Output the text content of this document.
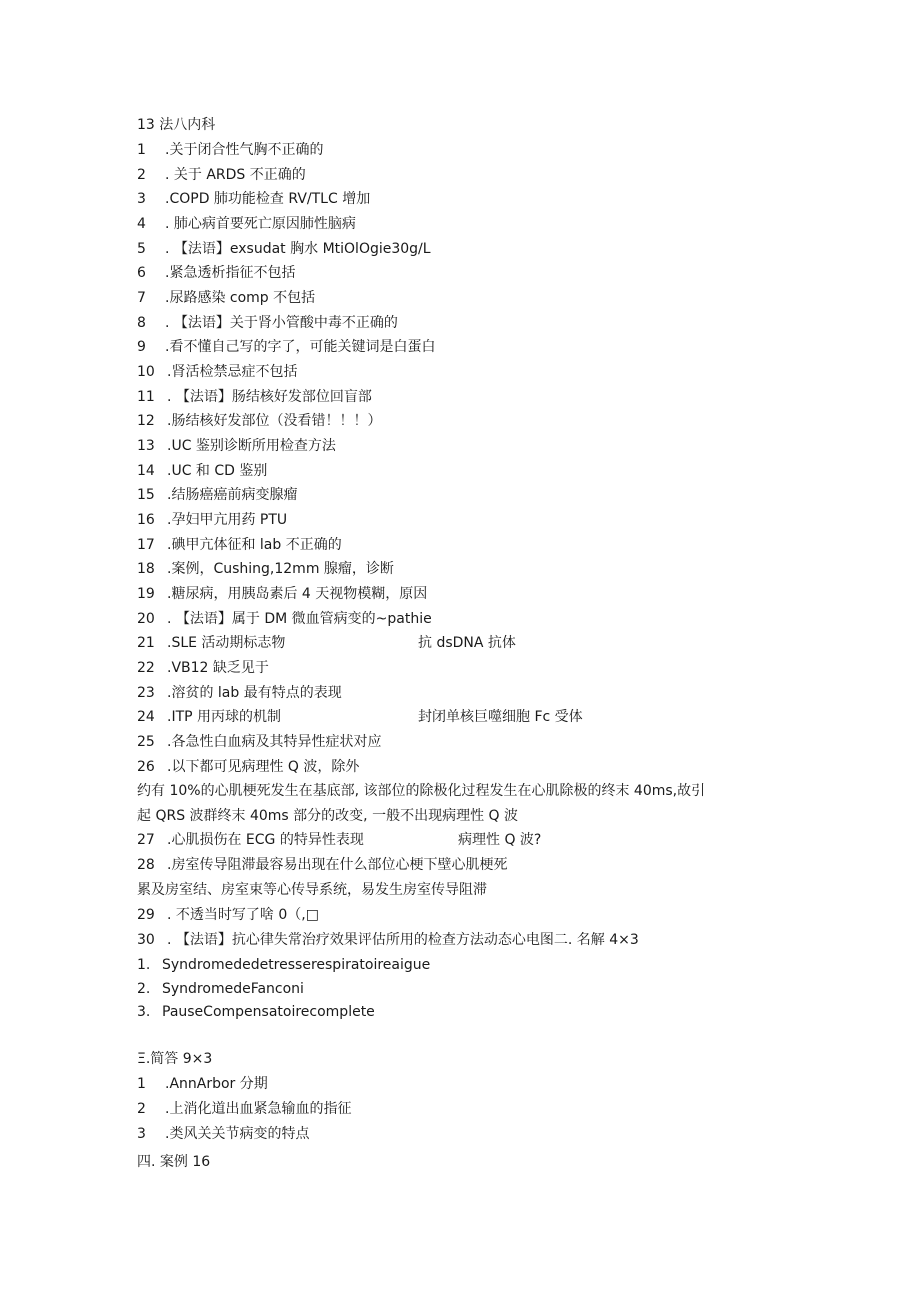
13 法八内科
1 .关于闭合性气胸不正确的
2 . 关于 ARDS 不正确的
3 .COPD 肺功能检查 RV/TLC 增加
4 . 肺心病首要死亡原因肺性脑病
5 . 【法语】exsudat 胸水 MtiOlOgie30g∕L
6 .紧急透析指征不包括
7 .尿路感染 comp 不包括
8 . 【法语】关于肾小管酸中毒不正确的
9 .看不懂自己写的字了，可能关键词是白蛋白
10 .肾活检禁忌症不包括
11 . 【法语】肠结核好发部位回盲部
12 .肠结核好发部位（没看错！！！）
13 .UC 鉴别诊断所用检查方法
14 .UC 和 CD 鉴别
15 .结肠癌癌前病变腺瘤
16 .孕妇甲亢用药 PTU
17 .碘甲亢体征和 lab 不正确的
18 .案例，Cushing,12mm 腺瘤，诊断
19 .糖尿病，用胰岛素后 4 天视物模糊，原因
20 . 【法语】属于 DM 微血管病变的~pathie
21 .SLE 活动期标志物	抗 dsDNA 抗体
22 .VB12 缺乏见于
23 .溶贫的 lab 最有特点的表现
24 .ITP 用丙球的机制	封闭单核巨噬细胞 Fc 受体
25 .各急性白血病及其特异性症状对应
26 .以下都可见病理性 Q 波，除外
约有 10%的心肌梗死发生在基底部, 该部位的除极化过程发生在心肌除极的终末 40ms,故引
起 QRS 波群终末 40ms 部分的改变, 一般不出现病理性 Q 波
27 .心肌损伤在 ECG 的特异性表现	病理性 Q 波?
28 .房室传导阻滞最容易出现在什么部位心梗下壁心肌梗死
累及房室结、房室束等心传导系统，易发生房室传导阻滞
29 . 不透当时写了啥 0（,□
30 . 【法语】抗心律失常治疗效果评估所用的检查方法动态心电图二. 名解 4×3
1. Syndromededetresserespiratoireaigue
2. SyndromedeFanconi
3. PauseCompensatoirecomplete
Ξ.简答 9×3
1 .AnnArbor 分期
2 .上消化道出血紧急输血的指征
3 .类风关关节病变的特点
四. 案例 16
